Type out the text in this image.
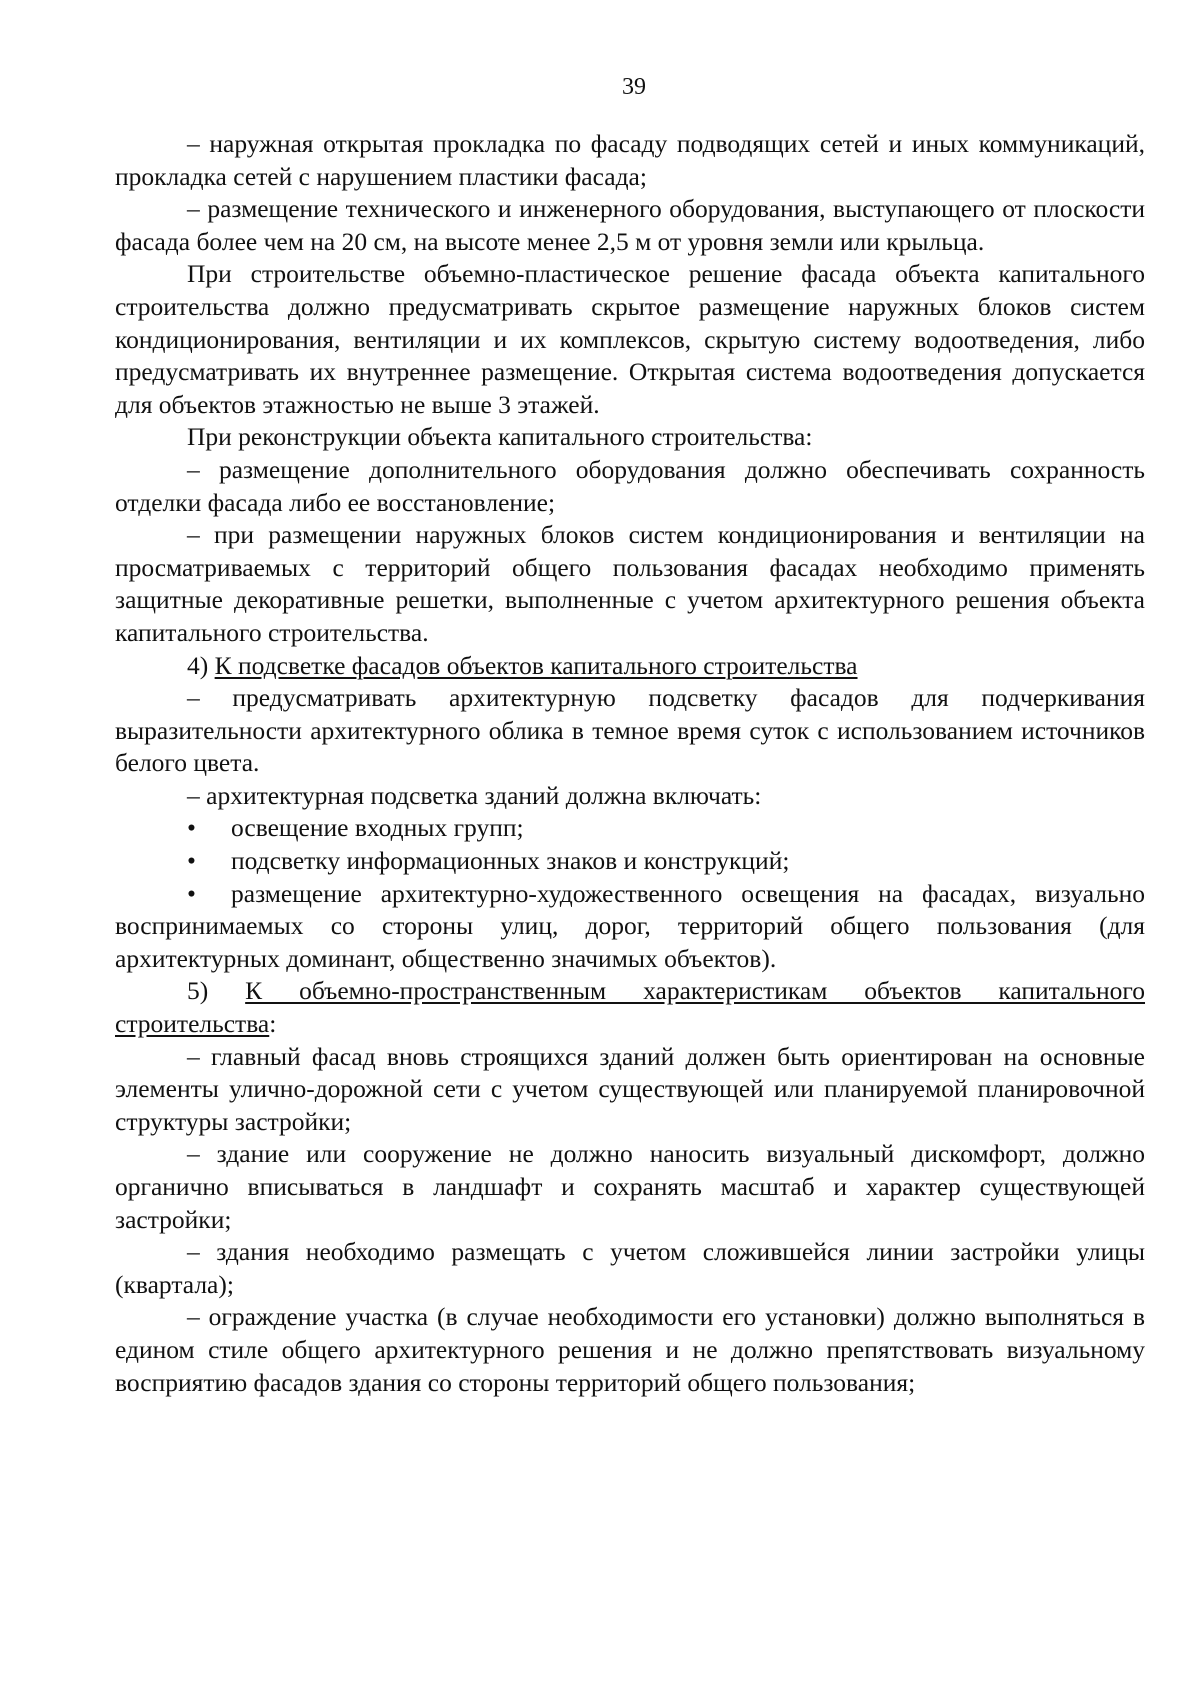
39

– наружная открытая прокладка по фасаду подводящих сетей и иных коммуникаций, прокладка сетей с нарушением пластики фасада;

– размещение технического и инженерного оборудования, выступающего от плоскости фасада более чем на 20 см, на высоте менее 2,5 м от уровня земли или крыльца.

При строительстве объемно-пластическое решение фасада объекта капитального строительства должно предусматривать скрытое размещение наружных блоков систем кондиционирования, вентиляции и их комплексов, скрытую систему водоотведения, либо предусматривать их внутреннее размещение. Открытая система водоотведения допускается для объектов этажностью не выше 3 этажей.

При реконструкции объекта капитального строительства:

– размещение дополнительного оборудования должно обеспечивать сохранность отделки фасада либо ее восстановление;

– при размещении наружных блоков систем кондиционирования и вентиляции на просматриваемых с территорий общего пользования фасадах необходимо применять защитные декоративные решетки, выполненные с учетом архитектурного решения объекта капитального строительства.

4) К подсветке фасадов объектов капитального строительства

– предусматривать архитектурную подсветку фасадов для подчеркивания выразительности архитектурного облика в темное время суток с использованием источников белого цвета.

– архитектурная подсветка зданий должна включать:

• освещение входных групп;

• подсветку информационных знаков и конструкций;

• размещение архитектурно-художественного освещения на фасадах, визуально воспринимаемых со стороны улиц, дорог, территорий общего пользования (для архитектурных доминант, общественно значимых объектов).

5) К объемно-пространственным характеристикам объектов капитального строительства:

– главный фасад вновь строящихся зданий должен быть ориентирован на основные элементы улично-дорожной сети с учетом существующей или планируемой планировочной структуры застройки;

– здание или сооружение не должно наносить визуальный дискомфорт, должно органично вписываться в ландшафт и сохранять масштаб и характер существующей застройки;

– здания необходимо размещать с учетом сложившейся линии застройки улицы (квартала);

– ограждение участка (в случае необходимости его установки) должно выполняться в едином стиле общего архитектурного решения и не должно препятствовать визуальному восприятию фасадов здания со стороны территорий общего пользования;
